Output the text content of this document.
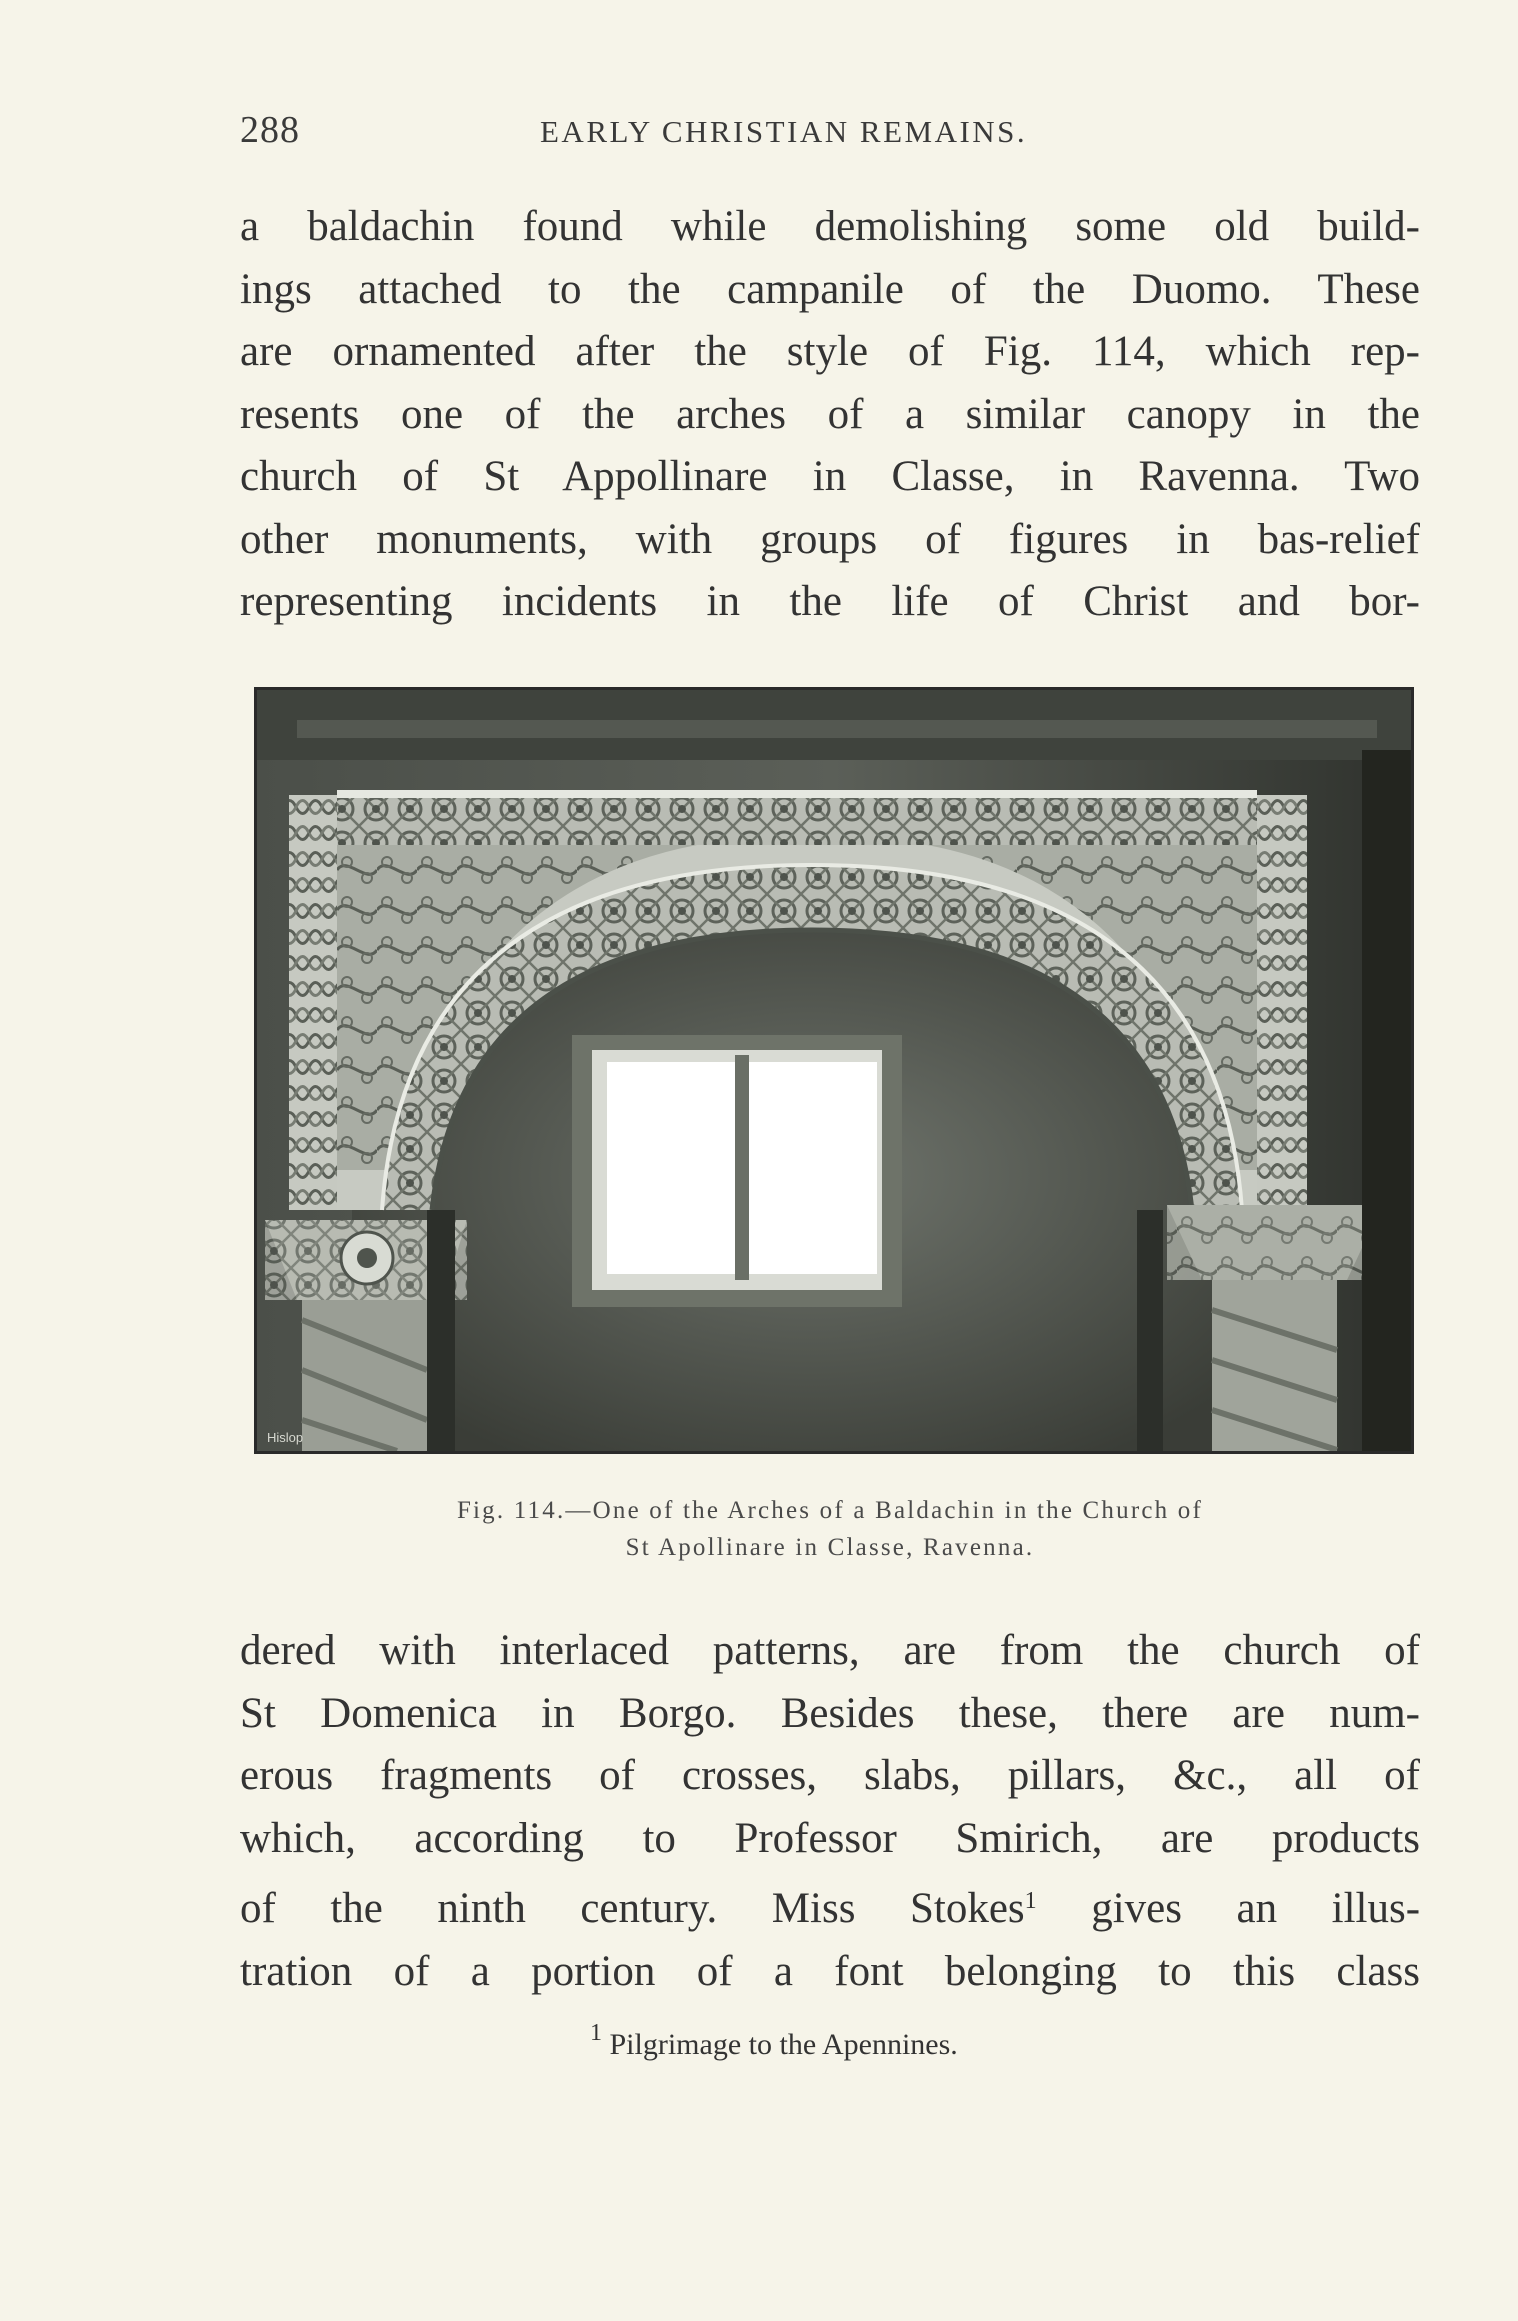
288	EARLY CHRISTIAN REMAINS.
a baldachin found while demolishing some old build-
ings attached to the campanile of the Duomo. These
are ornamented after the style of Fig. 114, which rep-
resents one of the arches of a similar canopy in the
church of St Appollinare in Classe, in Ravenna. Two
other monuments, with groups of figures in bas-relief
representing incidents in the life of Christ and bor-
Hislop
Fig. 114.—One of the Arches of a Baldachin in the Church of
St Apollinare in Classe, Ravenna.
dered with interlaced patterns, are from the church of
St Domenica in Borgo. Besides these, there are num-
erous fragments of crosses, slabs, pillars, &c., all of
which, according to Professor Smirich, are products
of the ninth century. Miss Stokes$^1$ gives an illus-
tration of a portion of a font belonging to this class
$^1$ Pilgrimage to the Apennines.
